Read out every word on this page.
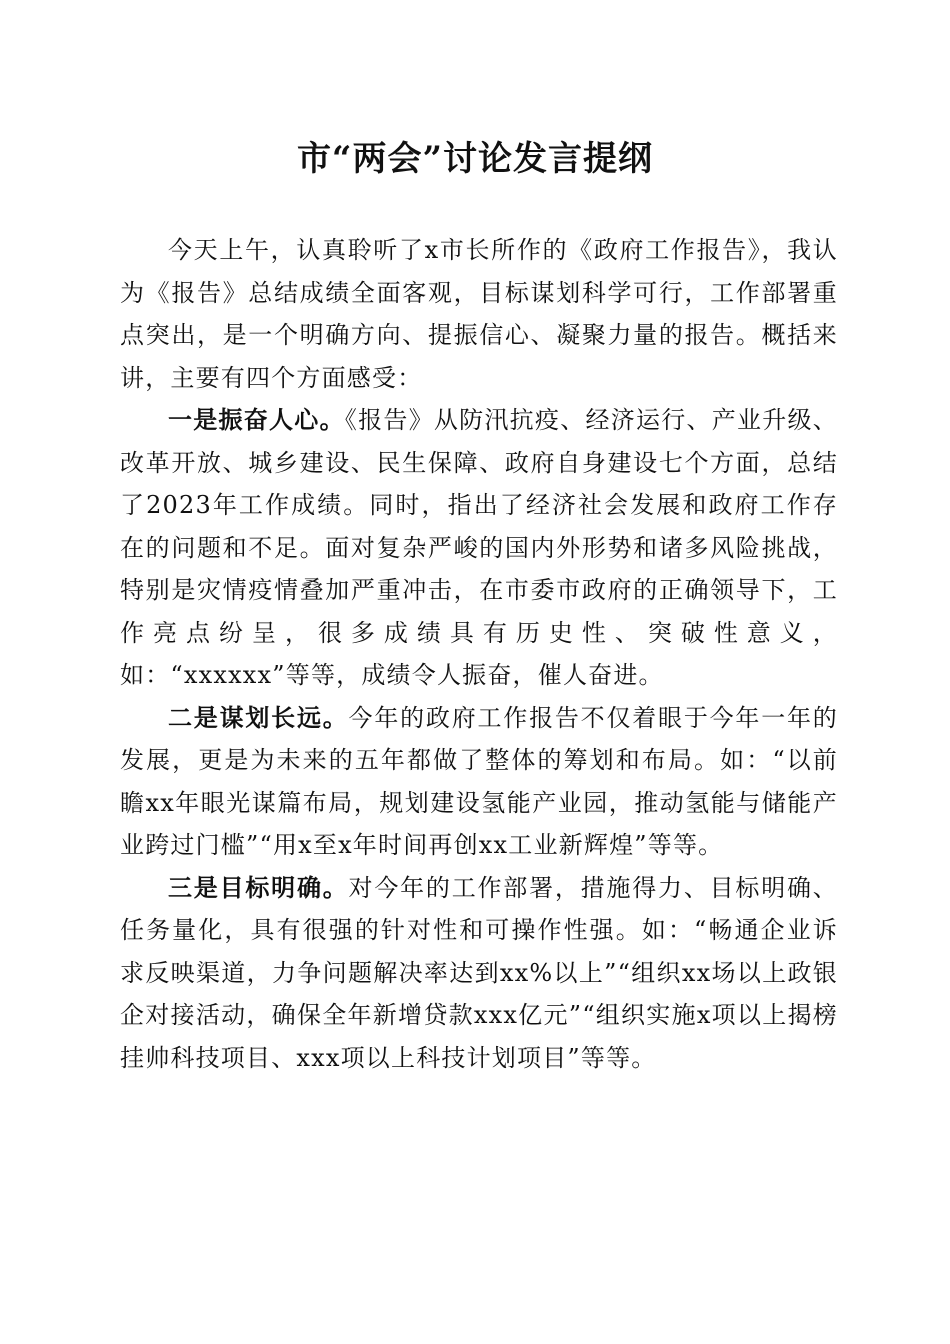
市“两会”讨论发言提纲

今天上午，认真聆听了x市长所作的《政府工作报告》，我认为《报告》总结成绩全面客观，目标谋划科学可行，工作部署重点突出，是一个明确方向、提振信心、凝聚力量的报告。概括来讲，主要有四个方面感受：

一是振奋人心。《报告》从防汛抗疫、经济运行、产业升级、改革开放、城乡建设、民生保障、政府自身建设七个方面，总结了2023年工作成绩。同时，指出了经济社会发展和政府工作存在的问题和不足。面对复杂严峻的国内外形势和诸多风险挑战，特别是灾情疫情叠加严重冲击，在市委市政府的正确领导下，工作亮点纷呈，很多成绩具有历史性、突破性意义，如：“xxxxxx”等等，成绩令人振奋，催人奋进。

二是谋划长远。今年的政府工作报告不仅着眼于今年一年的发展，更是为未来的五年都做了整体的筹划和布局。如：“以前瞻xx年眼光谋篇布局，规划建设氢能产业园，推动氢能与储能产业跨过门槛”“用x至x年时间再创xx工业新辉煌”等等。

三是目标明确。对今年的工作部署，措施得力、目标明确、任务量化，具有很强的针对性和可操作性强。如：“畅通企业诉求反映渠道，力争问题解决率达到xx%以上”“组织xx场以上政银企对接活动，确保全年新增贷款xxx亿元”“组织实施x项以上揭榜挂帅科技项目、xxx项以上科技计划项目”等等。
